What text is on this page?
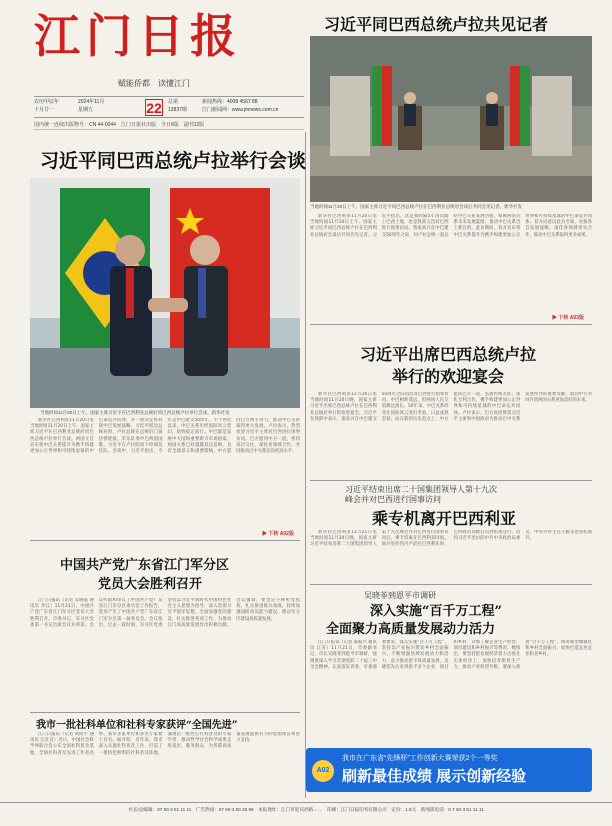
江门日报
赋能侨都　读懂江门
农历甲辰年
十月廿一
2024年11月
星期五	22 总第
12837期
新闻热线：4008 4567 88
江门新闻网：www.jmnews.com.cn
国内统一连续出版物号：CN 44-0044　江门日报社出版　今日8版　副刊12版
习近平同巴西总统卢拉共见记者
当地时间11月20日上午，国家主席习近平同巴西总统卢拉在巴西利亚总统府会谈后共同会见记者。新华社发

新华社巴西利亚11月20日电 当地时间11月20日上午，国家主席习近平同巴西总统卢拉在巴西利亚总统府会谈后共同会见记者。习近平指出，这是我时隔5年再次踏上巴西土地，也是我第五次对巴西进行国事访问。我很高兴在中巴建交50周年之际，同卢拉总统一起总结中巴关系发展历程，擘画两国关系未来发展蓝图，推动中巴关系迈上新台阶。此访期间，双方宣布将中巴关系提升为携手构建更加公正世界和可持续星球的中巴命运共同体。双方同意以此为引领，对接各自发展战略，深化各领域务实合作，推动中巴关系取得更多成果。

▶ 下转 A03版
习近平同巴西总统卢拉举行会谈
当地时间11月20日上午，国家主席习近平在巴西利亚总统府同巴西总统卢拉举行会谈。新华社发

新华社巴西利亚11月20日电 当地时间11月20日上午，国家主席习近平在巴西利亚总统府同巴西总统卢拉举行会谈。两国元首宣布将中巴关系提升为携手构建更加公正世界和可持续星球的中巴命运共同体，并一致决定将对接中巴发展战略。习近平抵达总统府时，卢拉总统在总统府门前热情迎接。军乐队奏中巴两国国歌，习近平在卢拉陪同下检阅仪仗队。会谈中，习近平指出，今年是中巴建交50周年。半个世纪以来，中巴关系历经国际风云变幻，始终稳定前行。中巴都是发展中大国和重要新兴市场国家，两国关系已经超越双边范畴，具有全球意义和重要影响。中方愿同巴方携手努力，推动中巴关系取得更大发展。卢拉表示，热烈欢迎习近平主席对巴西进行国事访问。巴方愿同中方一道，密切高层交往，深化各领域合作，共同推动巴中关系迈向更高水平。

▶ 下转 A02版
习近平出席巴西总统卢拉
举行的欢迎宴会

新华社巴西利亚11月20日电 当地时间11月20日晚，国家主席习近平出席巴西总统卢拉在巴西利亚总统府举行的欢迎宴会。习近平在致辞中表示，很高兴在中巴建交50周年之际再次对巴西进行国事访问。中巴相距遥远，但两国人民友谊源远流长。50年来，中巴关系经受住国际风云变幻考验，日益成熟坚韧。站在新的历史起点上，中方愿同巴方一道，弘扬传统友好，深化互利合作，携手构建更加公正世界和可持续星球的中巴命运共同体。卢拉表示，巴方高度赞赏习近平主席和中国政府为推动巴中关系发展所作的重要贡献，愿同中方共同开创两国关系更加美好的未来。

习近平结束出席二十国集团领导人第十九次
峰会并对巴西进行国事访问
乘专机离开巴西利亚

新华社巴西利亚11月21日电 当地时间11月20日晚，国家主席习近平结束出席二十国集团领导人第十九次峰会并对巴西进行国事访问后，乘专机离开巴西利亚回国。离开里约热内卢前往巴西利亚时，巴西政府高级官员到机场送行。陪同习近平出访的中共中央政治局委员、中央外办主任王毅等也同机离开。

中国共产党广东省江门军分区
党员大会胜利召开

江门日报讯（记者 吴晓霞 通讯员 李江）11月21日，中国共产党广东省江门军分区党员大会胜利召开。市委书记、军分区党委第一书记出席会议并讲话。会议听取和审议了中国共产党广东省江门军分区委员会工作报告，选举产生了中国共产党广东省江门军分区第一届委员会。会议指出，过去一段时间，军分区党委坚持以习近平新时代中国特色社会主义思想为指导，深入贯彻习近平强军思想，全面加强党的建设，扎实推进各项工作，为推动江门高质量发展作出积极贡献。会议强调，要坚定不移听党指挥，扎实推进练兵备战，持续加强国防动员能力建设，推动军分区建设高质量发展。

我市一批社科单位和社科专家获评“全国先进”

江门日报讯（记者 黄尚宇 通讯员 江社宣）近日，中国社会科学界联合会公布全国社科普及基地、全国社科普及先进工作者名单，我市多家单位和多名专家榜上有名。据介绍，近年来，我市深入实施社科普及工作，打造了一批特色鲜明的社科普及阵地，涌现出一批热心社科普及的专家学者，推动哲学社会科学成果走进基层、服务群众，为侨都高质量发展提供有力的思想保证和智力支持。

吴晓菲到恩平市调研
深入实施“百千万工程”
全面聚力高质量发展动力活力

江门日报讯（记者 陈振兴 通讯员 江宣）11月21日，市委副书记、市长吴晓菲到恩平市调研，强调要深入学习贯彻党的二十届三中全会精神，认真落实省委、市委部署要求，深入实施“百千万工程”，坚持以产业振兴带动乡村全面振兴，不断增强县域发展动力和活力，奋力推动恩平高质量发展。吴晓菲先后来到恩平多个企业、项目和乡村，详细了解企业生产经营、项目建设和乡村振兴等情况。她指出，要坚持把发展经济着力点放在实体经济上，加快培育新质生产力，推动产业转型升级。要深入推进“百千万工程”，统筹新型城镇化和乡村全面振兴，加快打造宜居宜业和美乡村。

A02
我市在广东省“先锋杯”工作创新大赛荣获2个一等奖
刷新最佳成绩 展示创新经验
社长/总编辑：07 50-3 51 11 11　广告热线：07 50-3 50 26 68　本报地址：江门市迎宾西路……　印刷：江门日报印务有限公司　定价：1.5元　新闻部电话：0 7 50-3 51 11 11
